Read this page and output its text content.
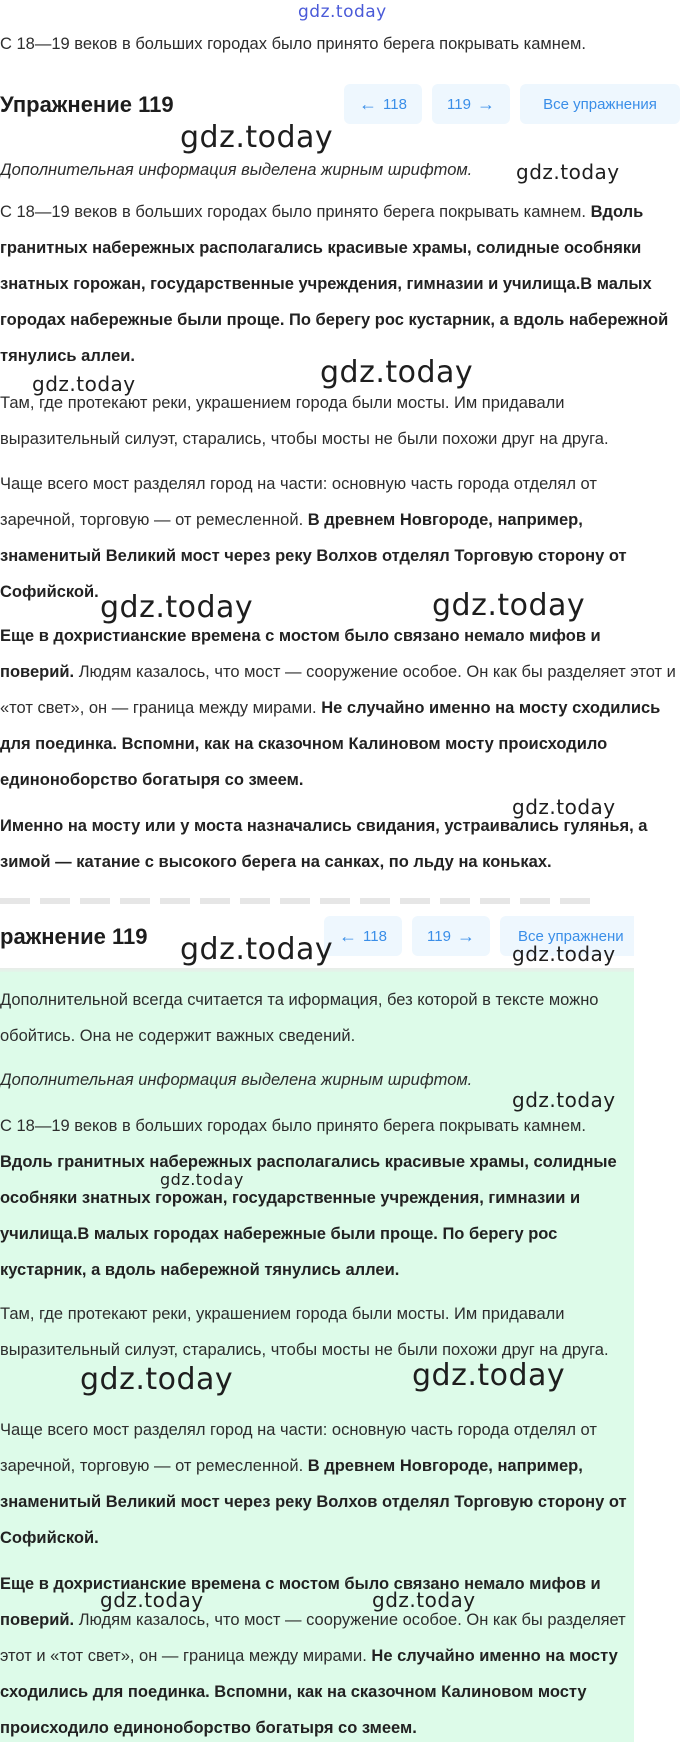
gdz.today

С 18—19 веков в больших городах было принято берега покрывать камнем.

Упражнение 119	← 118	119 →	Все упражнения

Дополнительная информация выделена жирным шрифтом.

С 18—19 веков в больших городах было принято берега покрывать камнем. Вдоль гранитных набережных располагались красивые храмы, солидные особняки знатных горожан, государственные учреждения, гимназии и училища.В малых городах набережные были проще. По берегу рос кустарник, а вдоль набережной тянулись аллеи.

Там, где протекают реки, украшением города были мосты. Им придавали выразительный силуэт, старались, чтобы мосты не были похожи друг на друга.

Чаще всего мост разделял город на части: основную часть города отделял от заречной, торговую — от ремесленной. В древнем Новгороде, например, знаменитый Великий мост через реку Волхов отделял Торговую сторону от Софийской.

Еще в дохристианские времена с мостом было связано немало мифов и поверий. Людям казалось, что мост — сооружение особое. Он как бы разделяет этот и «тот свет», он — граница между мирами. Не случайно именно на мосту сходились для поединка. Вспомни, как на сказочном Калиновом мосту происходило единоноборство богатыря со змеем.

Именно на мосту или у моста назначались свидания, устраивались гулянья, а зимой — катание с высокого берега на санках, по льду на коньках.

ражнение 119	← 118	119 →	Все упражнени

Дополнительной всегда считается та иформация, без которой в тексте можно обойтись. Она не содержит важных сведений.

Дополнительная информация выделена жирным шрифтом.

С 18—19 веков в больших городах было принято берега покрывать камнем. Вдоль гранитных набережных располагались красивые храмы, солидные особняки знатных горожан, государственные учреждения, гимназии и училища.В малых городах набережные были проще. По берегу рос кустарник, а вдоль набережной тянулись аллеи.

Там, где протекают реки, украшением города были мосты. Им придавали выразительный силуэт, старались, чтобы мосты не были похожи друг на друга.

Чаще всего мост разделял город на части: основную часть города отделял от заречной, торговую — от ремесленной. В древнем Новгороде, например, знаменитый Великий мост через реку Волхов отделял Торговую сторону от Софийской.

Еще в дохристианские времена с мостом было связано немало мифов и поверий. Людям казалось, что мост — сооружение особое. Он как бы разделяет этот и «тот свет», он — граница между мирами. Не случайно именно на мосту сходились для поединка. Вспомни, как на сказочном Калиновом мосту происходило единоноборство богатыря со змеем.

gdz.today
gdz.today
gdz.today
gdz.today
gdz.today	gdz.today
gdz.today
gdz.today	gdz.today
gdz.today
gdz.today
gdz.today	gdz.today
gdz.today	gdz.today
